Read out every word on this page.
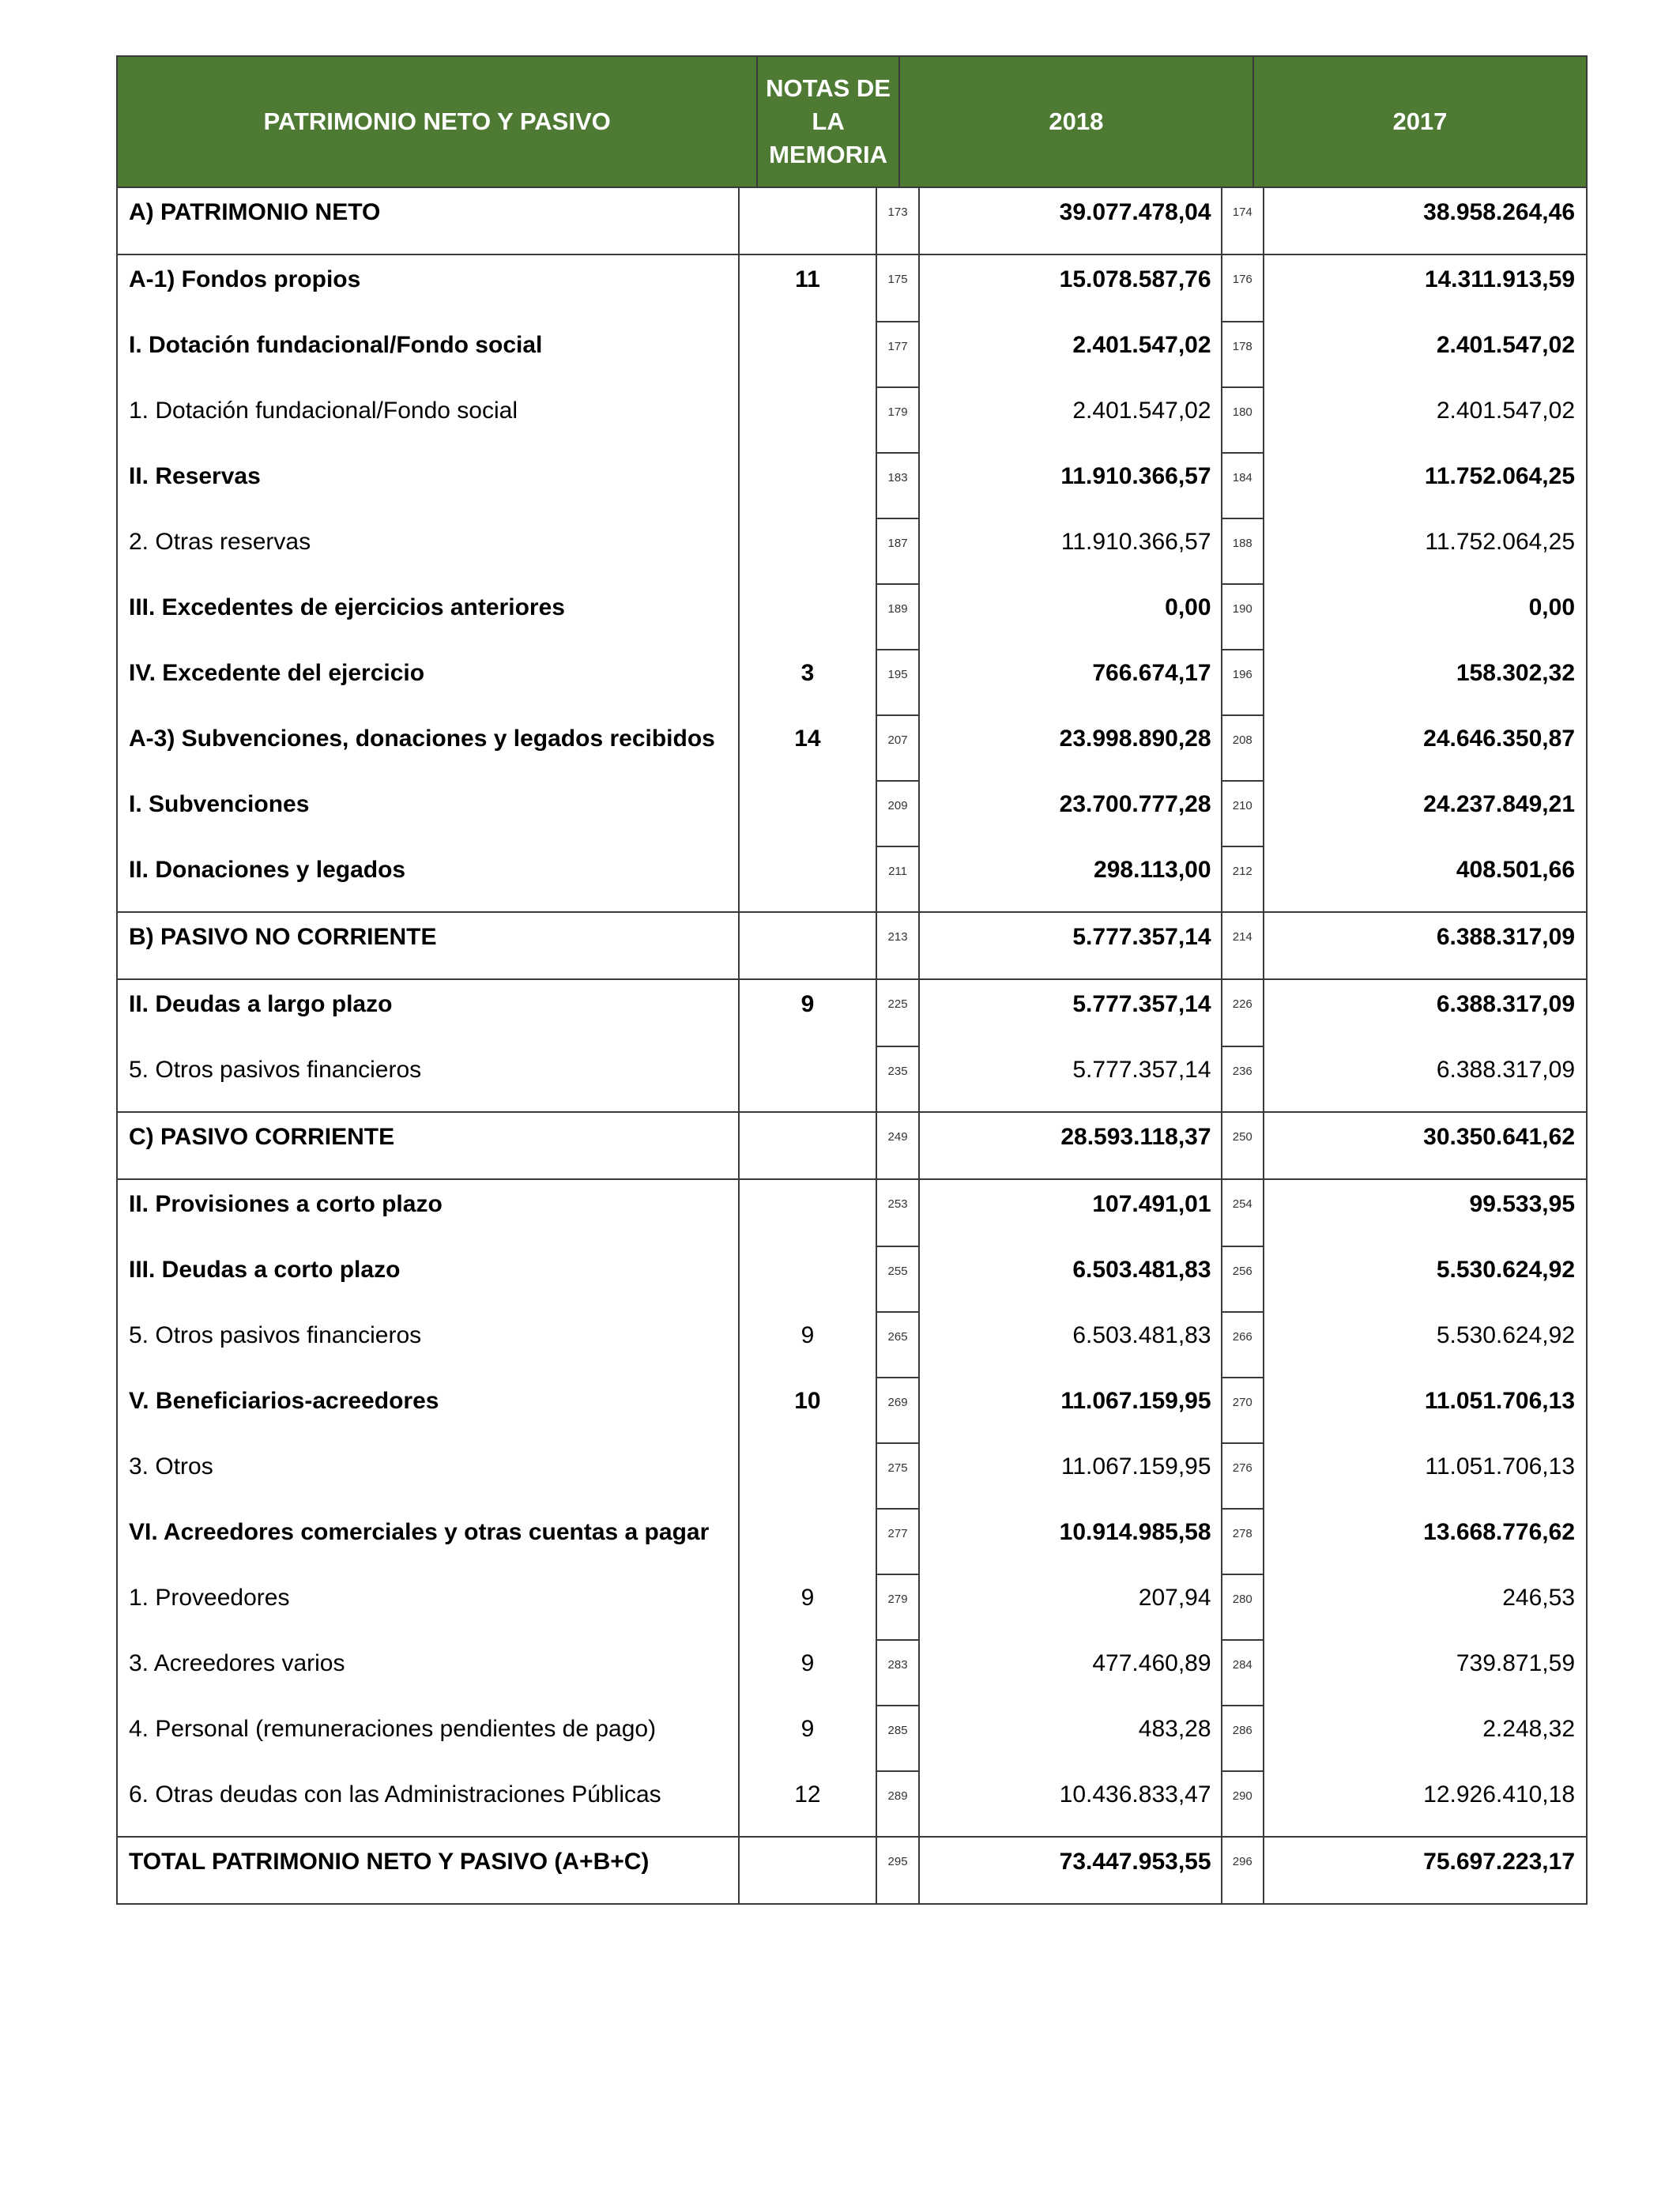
PATRIMONIO NETO Y PASIVO
NOTAS DE LA MEMORIA
2018	2017
A) PATRIMONIO NETO	173	39.077.478,04	174	38.958.264,46
A-1) Fondos propios	11	175	15.078.587,76	176	14.311.913,59
I. Dotación fundacional/Fondo social	177	2.401.547,02	178	2.401.547,02
1. Dotación fundacional/Fondo social	179	2.401.547,02	180	2.401.547,02
II. Reservas	183	11.910.366,57	184	11.752.064,25
2. Otras reservas	187	11.910.366,57	188	11.752.064,25
III. Excedentes de ejercicios anteriores	189	0,00	190	0,00
IV. Excedente del ejercicio	3	195	766.674,17	196	158.302,32
A-3) Subvenciones, donaciones y legados recibidos	14	207	23.998.890,28	208	24.646.350,87
I. Subvenciones	209	23.700.777,28	210	24.237.849,21
II. Donaciones y legados	211	298.113,00	212	408.501,66
B) PASIVO NO CORRIENTE	213	5.777.357,14	214	6.388.317,09
II. Deudas a largo plazo	9	225	5.777.357,14	226	6.388.317,09
5. Otros pasivos financieros	235	5.777.357,14	236	6.388.317,09
C) PASIVO CORRIENTE	249	28.593.118,37	250	30.350.641,62
II. Provisiones a corto plazo	253	107.491,01	254	99.533,95
III. Deudas a corto plazo	255	6.503.481,83	256	5.530.624,92
5. Otros pasivos financieros	9	265	6.503.481,83	266	5.530.624,92
V. Beneficiarios-acreedores	10	269	11.067.159,95	270	11.051.706,13
3. Otros	275	11.067.159,95	276	11.051.706,13
VI. Acreedores comerciales y otras cuentas a pagar	277	10.914.985,58	278	13.668.776,62
1. Proveedores	9	279	207,94	280	246,53
3. Acreedores varios	9	283	477.460,89	284	739.871,59
4. Personal (remuneraciones pendientes de pago)	9	285	483,28	286	2.248,32
6. Otras deudas con las Administraciones Públicas	12	289	10.436.833,47	290	12.926.410,18
TOTAL PATRIMONIO NETO Y PASIVO (A+B+C)	295	73.447.953,55	296	75.697.223,17
